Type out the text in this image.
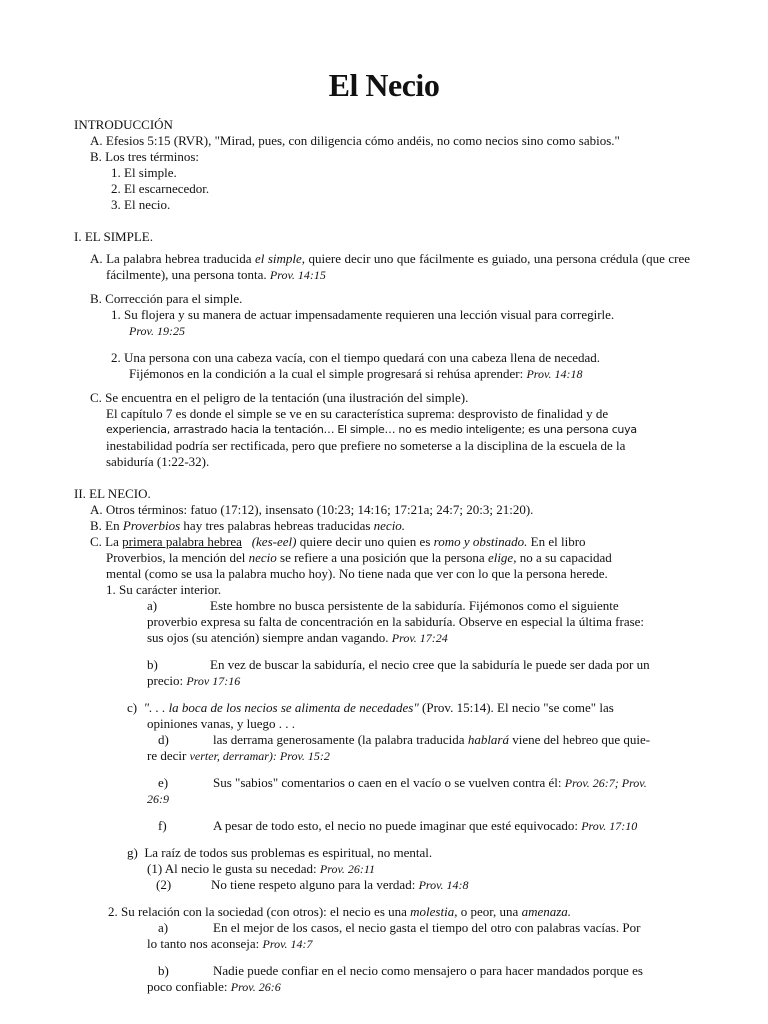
El Necio

INTRODUCCIÓN

A. Efesios 5:15 (RVR), "Mirad, pues, con diligencia cómo andéis, no como necios sino como sabios."

B. Los tres términos:

1. El simple.

2. El escarnecedor.

3. El necio.

I. EL SIMPLE.

A. La palabra hebrea traducida el simple, quiere decir uno que fácilmente es guiado, una persona crédula (que cree fácilmente), una persona tonta. Prov. 14:15

B. Corrección para el simple.

1. Su flojera y su manera de actuar impensadamente requieren una lección visual para corregirle.

Prov. 19:25

2. Una persona con una cabeza vacía, con el tiempo quedará con una cabeza llena de necedad.

Fijémonos en la condición a la cual el simple progresará si rehúsa aprender: Prov. 14:18

C. Se encuentra en el peligro de la tentación (una ilustración del simple).

El capítulo 7 es donde el simple se ve en su característica suprema: desprovisto de finalidad y de

experiencia, arrastrado hacia la tentación… El simple… no es medio inteligente; es una persona cuya

inestabilidad podría ser rectificada, pero que prefiere no someterse a la disciplina de la escuela de la

sabiduría (1:22-32).

II. EL NECIO.

A. Otros términos: fatuo (17:12), insensato (10:23; 14:16; 17:21a; 24:7; 20:3; 21:20).

B. En Proverbios hay tres palabras hebreas traducidas necio.

C. La primera palabra hebrea (kes-eel) quiere decir uno quien es romo y obstinado. En el libro

Proverbios, la mención del necio se refiere a una posición que la persona elige, no a su capacidad

mental (como se usa la palabra mucho hoy). No tiene nada que ver con lo que la persona herede.

1. Su carácter interior.

a)	Este hombre no busca persistente de la sabiduría. Fijémonos como el siguiente

proverbio expresa su falta de concentración en la sabiduría. Observe en especial la última frase:

sus ojos (su atención) siempre andan vagando. Prov. 17:24

b)	En vez de buscar la sabiduría, el necio cree que la sabiduría le puede ser dada por un

precio: Prov 17:16

c) ". . . la boca de los necios se alimenta de necedades" (Prov. 15:14). El necio "se come" las

opiniones vanas, y luego . . .

d)	las derrama generosamente (la palabra traducida hablará viene del hebreo que quie-

re decir verter, derramar): Prov. 15:2

e)	Sus "sabios" comentarios o caen en el vacío o se vuelven contra él: Prov. 26:7; Prov.

26:9

f)	A pesar de todo esto, el necio no puede imaginar que esté equivocado: Prov. 17:10

g) La raíz de todos sus problemas es espiritual, no mental.

(1) Al necio le gusta su necedad: Prov. 26:11

(2)	No tiene respeto alguno para la verdad: Prov. 14:8

2. Su relación con la sociedad (con otros): el necio es una molestia, o peor, una amenaza.

a)	En el mejor de los casos, el necio gasta el tiempo del otro con palabras vacías. Por

lo tanto nos aconseja: Prov. 14:7

b)	Nadie puede confiar en el necio como mensajero o para hacer mandados porque es

poco confiable: Prov. 26:6
